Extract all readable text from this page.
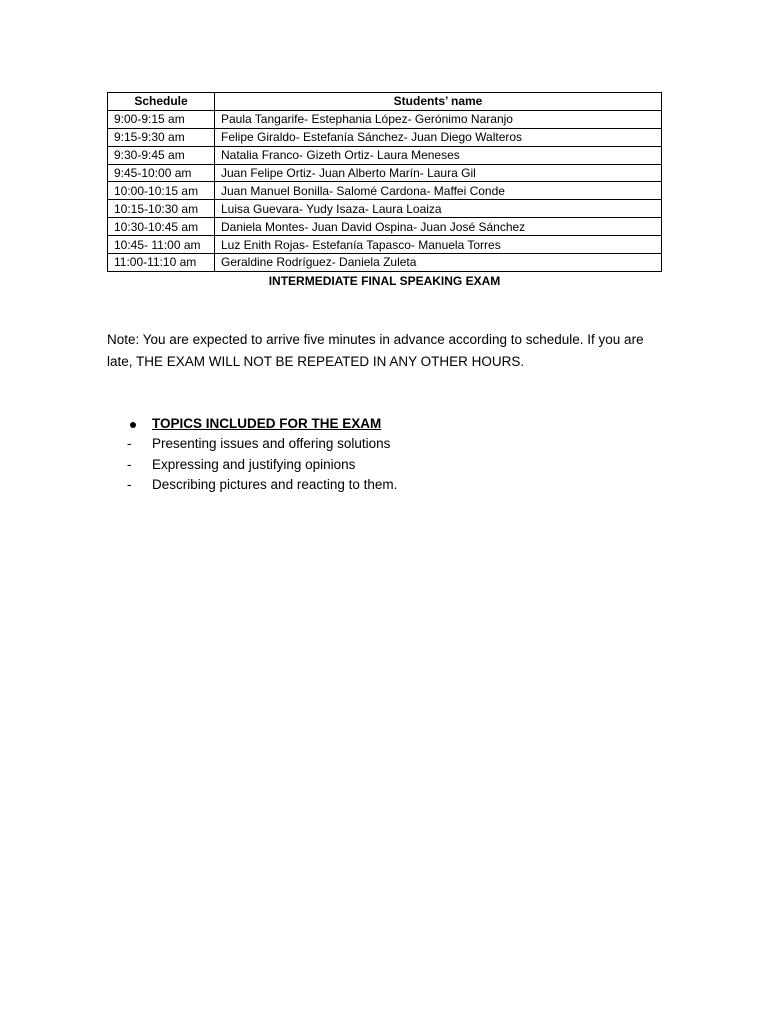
Schedule	Students’ name
9:00-9:15 am	Paula Tangarife- Estephania López- Gerónimo Naranjo
9:15-9:30 am	Felipe Giraldo- Estefanía Sánchez- Juan Diego Walteros
9:30-9:45 am	Natalia Franco- Gizeth Ortiz- Laura Meneses
9:45-10:00 am	Juan Felipe Ortiz- Juan Alberto Marín- Laura Gil
10:00-10:15 am	Juan Manuel Bonilla- Salomé Cardona- Maffei Conde
10:15-10:30 am	Luisa Guevara- Yudy Isaza- Laura Loaiza
10:30-10:45 am	Daniela Montes- Juan David Ospina- Juan José Sánchez
10:45- 11:00 am	Luz Enith Rojas- Estefanía Tapasco- Manuela Torres
11:00-11:10 am	Geraldine Rodríguez- Daniela Zuleta
INTERMEDIATE FINAL SPEAKING EXAM
Note: You are expected to arrive five minutes in advance according to schedule. If you are late, THE EXAM WILL NOT BE REPEATED IN ANY OTHER HOURS.
TOPICS INCLUDED FOR THE EXAM
-	Presenting issues and offering solutions
-	Expressing and justifying opinions
-	Describing pictures and reacting to them.
